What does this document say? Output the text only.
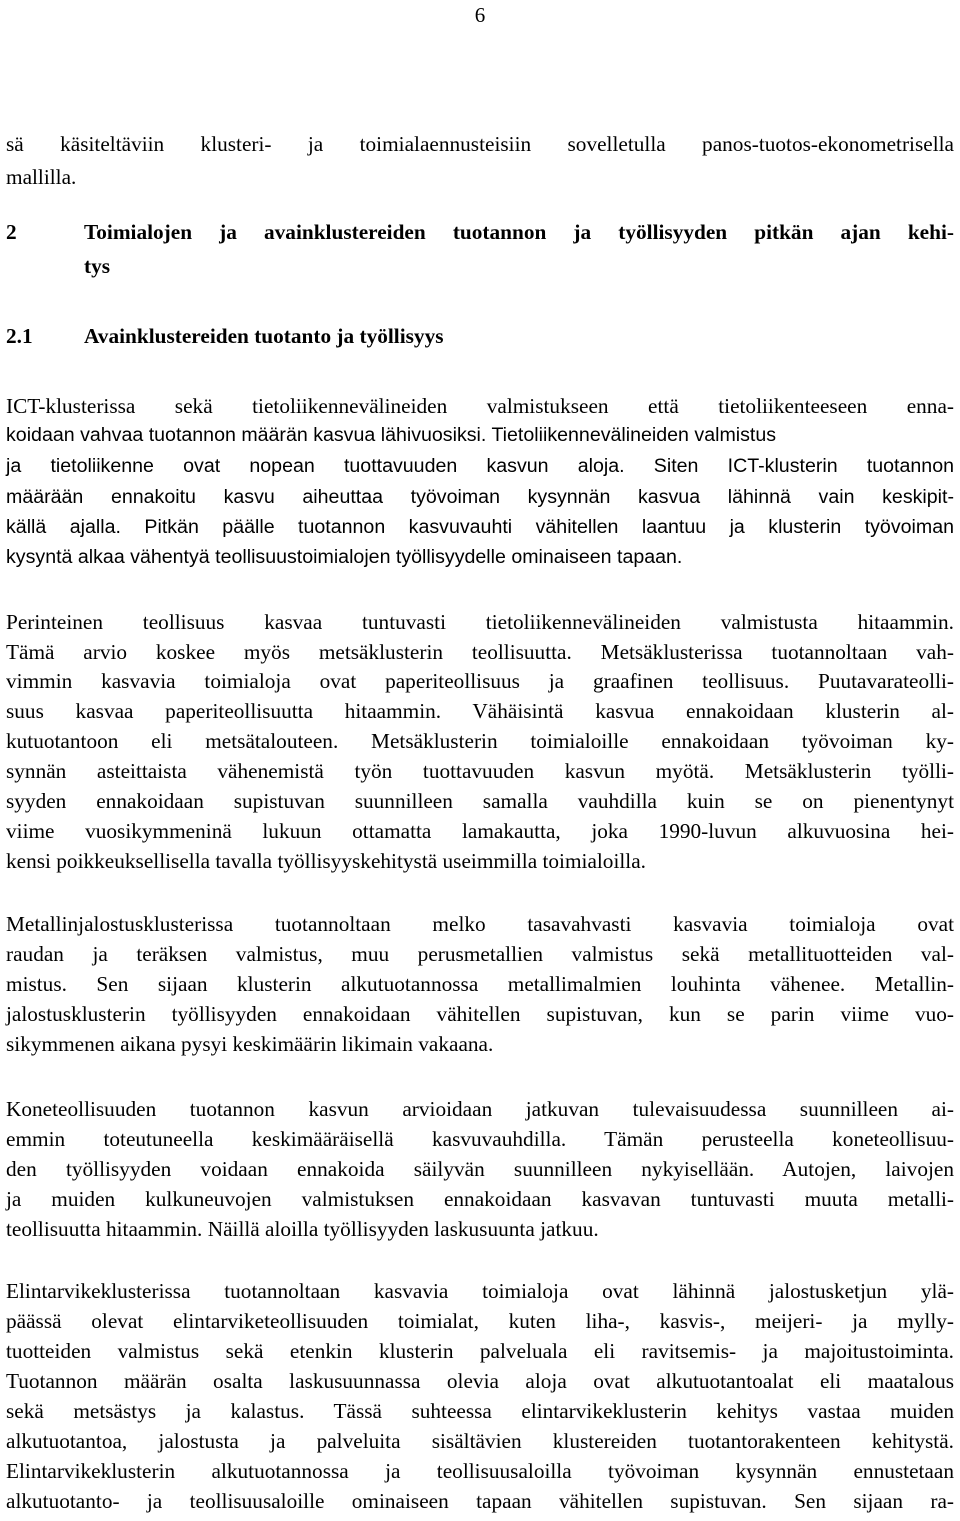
6
sä käsiteltäviin klusteri- ja toimialaennusteisiin sovelletulla panos-tuotos-ekonometrisella
mallilla.
2	Toimialojen ja avainklustereiden tuotannon ja työllisyyden pitkän ajan kehi-
tys
2.1 Avainklustereiden tuotanto ja työllisyys
ICT-klusterissa sekä tietoliikennevälineiden valmistukseen että tietoliikenteeseen enna-
koidaan vahvaa tuotannon määrän kasvua lähivuosiksi. Tietoliikennevälineiden valmistus
ja tietoliikenne ovat nopean tuottavuuden kasvun aloja. Siten ICT-klusterin tuotannon
määrään ennakoitu kasvu aiheuttaa työvoiman kysynnän kasvua lähinnä vain keskipit-
källä ajalla. Pitkän päälle tuotannon kasvuvauhti vähitellen laantuu ja klusterin työvoiman
kysyntä alkaa vähentyä teollisuustoimialojen työllisyydelle ominaiseen tapaan.
Perinteinen teollisuus kasvaa tuntuvasti tietoliikennevälineiden valmistusta hitaammin.
Tämä arvio koskee myös metsäklusterin teollisuutta. Metsäklusterissa tuotannoltaan vah-
vimmin kasvavia toimialoja ovat paperiteollisuus ja graafinen teollisuus. Puutavarateolli-
suus kasvaa paperiteollisuutta hitaammin. Vähäisintä kasvua ennakoidaan klusterin al-
kutuotantoon eli metsätalouteen. Metsäklusterin toimialoille ennakoidaan työvoiman ky-
synnän asteittaista vähenemistä työn tuottavuuden kasvun myötä. Metsäklusterin työlli-
syyden ennakoidaan supistuvan suunnilleen samalla vauhdilla kuin se on pienentynyt
viime vuosikymmeninä lukuun ottamatta lamakautta, joka 1990-luvun alkuvuosina hei-
kensi poikkeuksellisella tavalla työllisyyskehitystä useimmilla toimialoilla.
Metallinjalostusklusterissa tuotannoltaan melko tasavahvasti kasvavia toimialoja ovat
raudan ja teräksen valmistus, muu perusmetallien valmistus sekä metallituotteiden val-
mistus. Sen sijaan klusterin alkutuotannossa metallimalmien louhinta vähenee. Metallin-
jalostusklusterin työllisyyden ennakoidaan vähitellen supistuvan, kun se parin viime vuo-
sikymmenen aikana pysyi keskimäärin likimain vakaana.
Koneteollisuuden tuotannon kasvun arvioidaan jatkuvan tulevaisuudessa suunnilleen ai-
emmin toteutuneella keskimääräisellä kasvuvauhdilla. Tämän perusteella koneteollisuu-
den työllisyyden voidaan ennakoida säilyvän suunnilleen nykyisellään. Autojen, laivojen
ja muiden kulkuneuvojen valmistuksen ennakoidaan kasvavan tuntuvasti muuta metalli-
teollisuutta hitaammin. Näillä aloilla työllisyyden laskusuunta jatkuu.
Elintarvikeklusterissa tuotannoltaan kasvavia toimialoja ovat lähinnä jalostusketjun ylä-
päässä olevat elintarviketeollisuuden toimialat, kuten liha-, kasvis-, meijeri- ja mylly-
tuotteiden valmistus sekä etenkin klusterin palveluala eli ravitsemis- ja majoitustoiminta.
Tuotannon määrän osalta laskusuunnassa olevia aloja ovat alkutuotantoalat eli maatalous
sekä metsästys ja kalastus. Tässä suhteessa elintarvikeklusterin kehitys vastaa muiden
alkutuotantoa, jalostusta ja palveluita sisältävien klustereiden tuotantorakenteen kehitystä.
Elintarvikeklusterin alkutuotannossa ja teollisuusaloilla työvoiman kysynnän ennustetaan
alkutuotanto- ja teollisuusaloille ominaiseen tapaan vähitellen supistuvan. Sen sijaan ra-
